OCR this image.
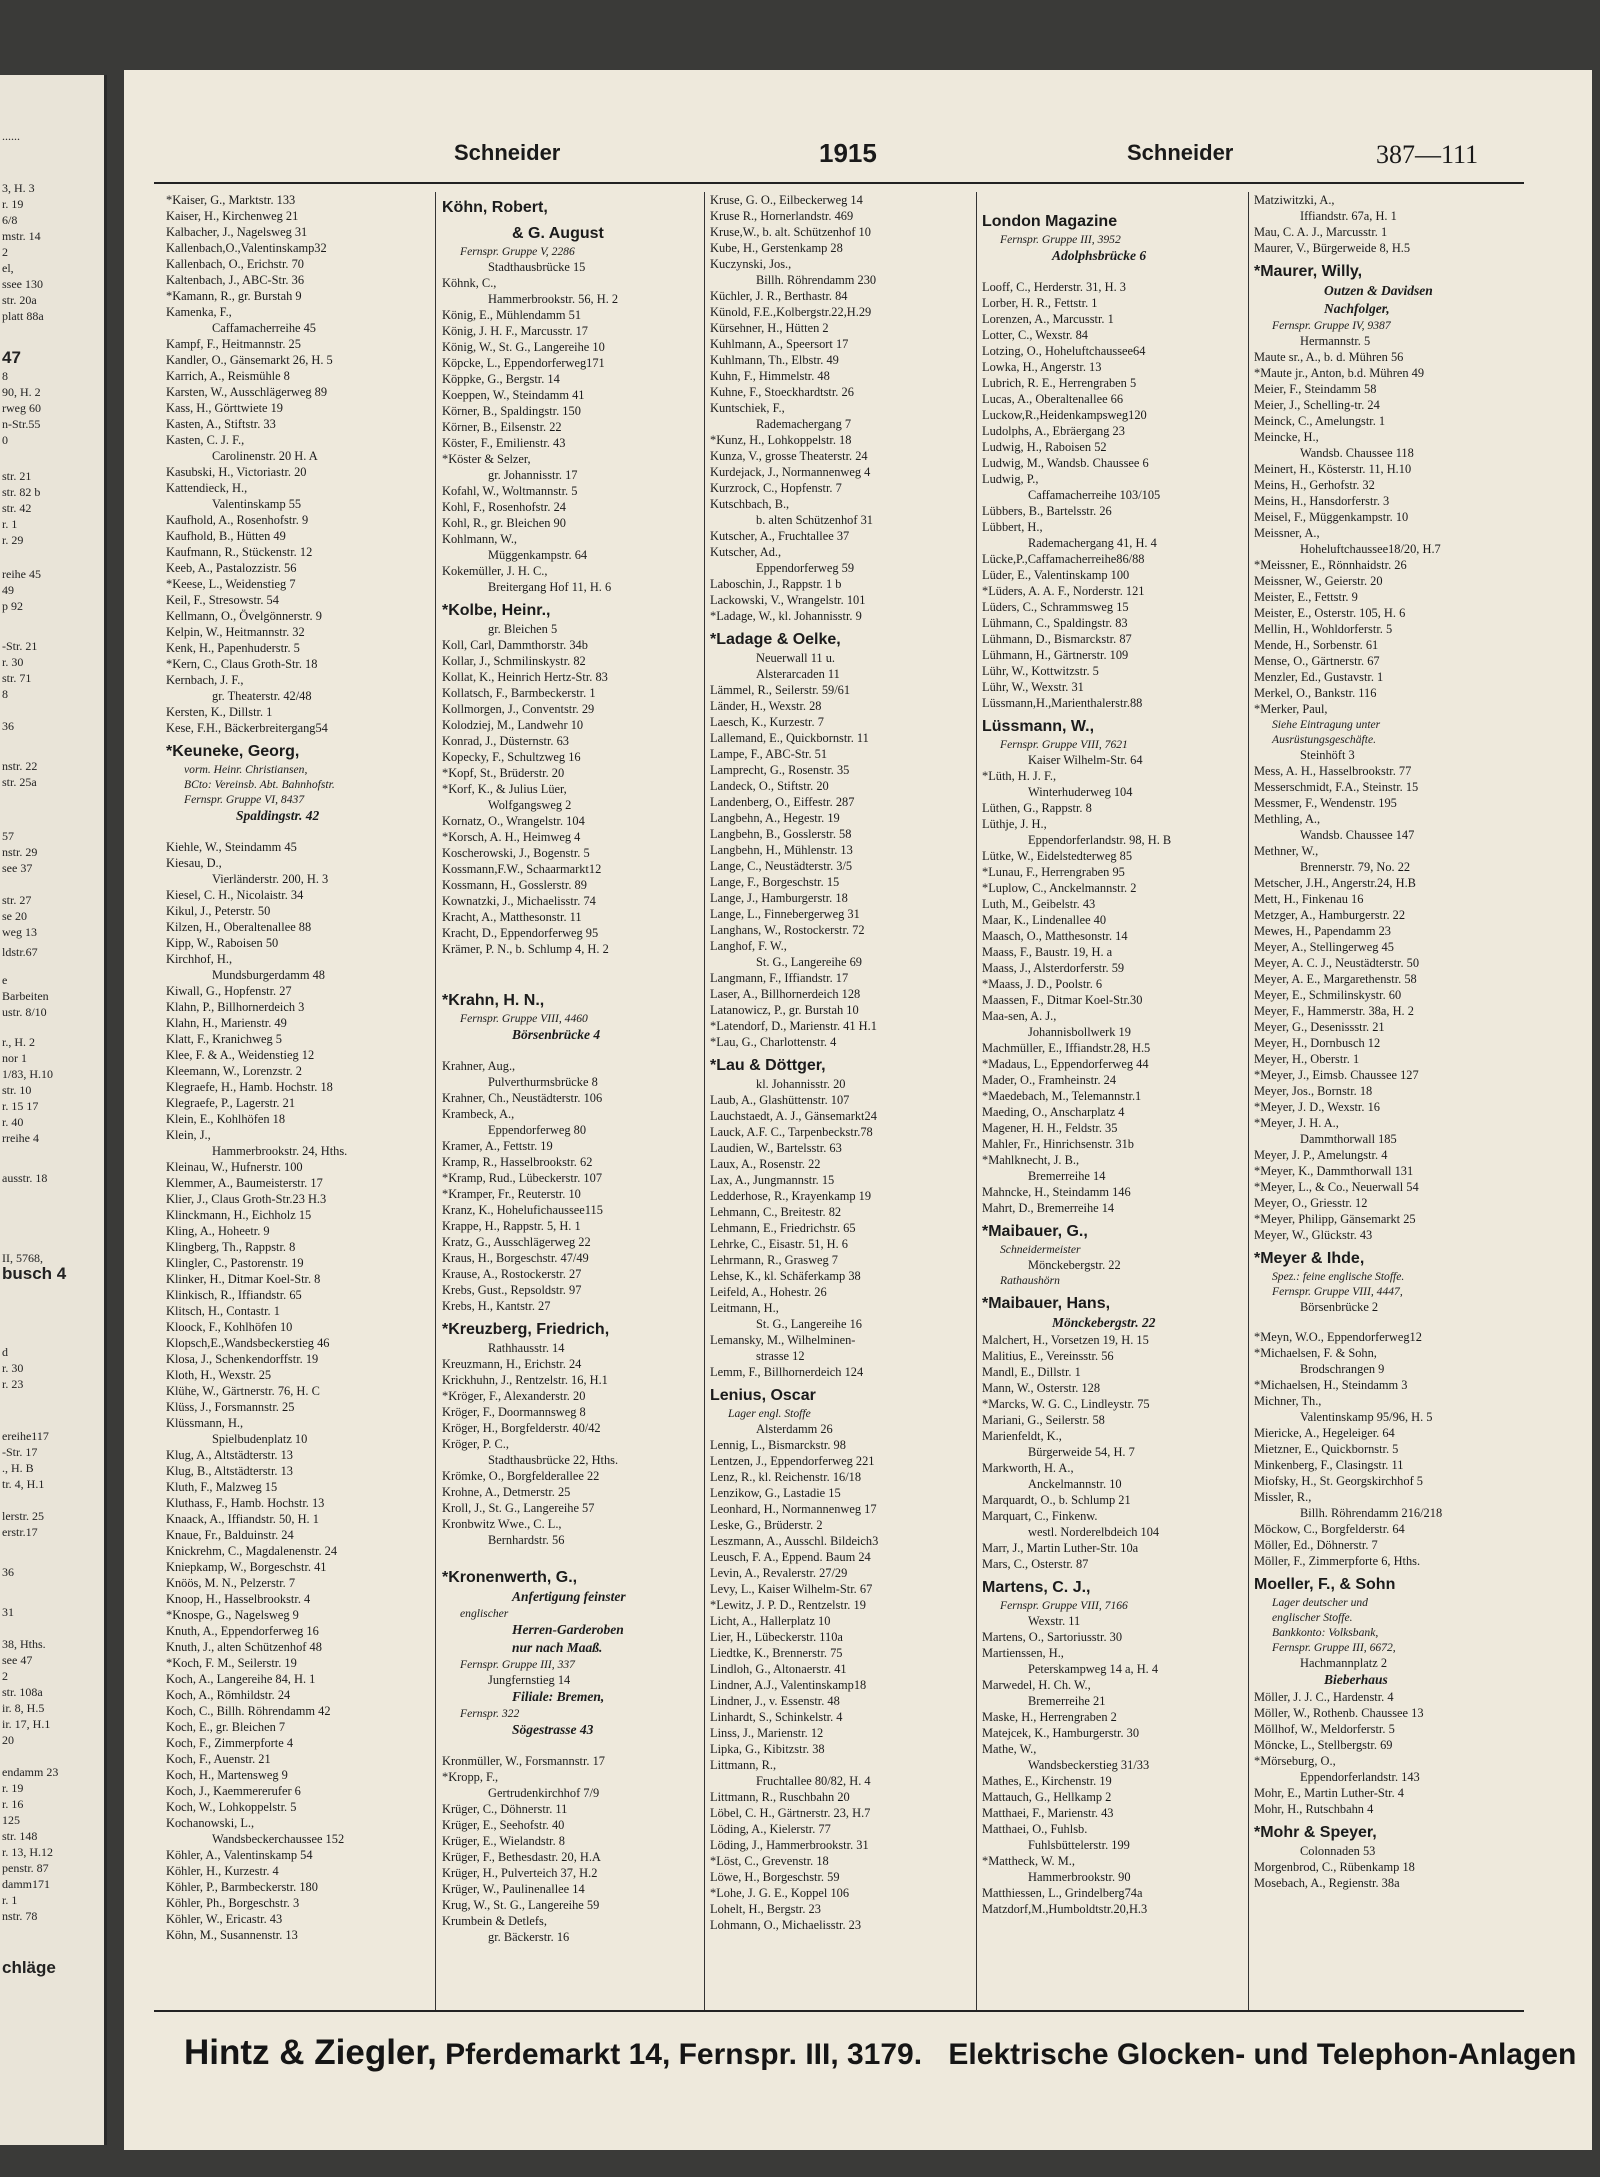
......
3, H. 3
r. 19
6/8
mstr. 14
2
el,
ssee 130
str. 20a
platt 88a
47
8
90, H. 2
rweg 60
n-Str.55
0
str. 21
str. 82 b
str. 42
r. 1
r. 29
reihe 45
49
p 92
-Str. 21
r. 30
str. 71
8
36
nstr. 22
str. 25a
57
nstr. 29
see 37
str. 27
se 20
weg 13
ldstr.67
e
Barbeiten
ustr. 8/10
r., H. 2
nor 1
1/83, H.10
str. 10
r. 15 17
r. 40
rreihe 4
ausstr. 18
II, 5768,
busch 4
d
r. 30
r. 23
ereihe117
-Str. 17
., H. B
tr. 4, H.1
lerstr. 25
erstr.17
36
31
38, Hths.
see 47
2
str. 108a
ir. 8, H.5
ir. 17, H.1
20
endamm 23
r. 19
r. 16
125
str. 148
r. 13, H.12
penstr. 87
damm171
r. 1
nstr. 78
chläge
Schneider	1915	Schneider	387—111
*Kaiser, G., Marktstr. 133
Kaiser, H., Kirchenweg 21
Kalbacher, J., Nagelsweg 31
Kallenbach,O.,Valentinskamp32
Kallenbach, O., Erichstr. 70
Kaltenbach, J., ABC-Str. 36
*Kamann, R., gr. Burstah 9
Kamenka, F.,
Caffamacherreihe 45
Kampf, F., Heitmannstr. 25
Kandler, O., Gänsemarkt 26, H. 5
Karrich, A., Reismühle 8
Karsten, W., Ausschlägerweg 89
Kass, H., Görttwiete 19
Kasten, A., Stiftstr. 33
Kasten, C. J. F.,
Carolinenstr. 20 H. A
Kasubski, H., Victoriastr. 20
Kattendieck, H.,
Valentinskamp 55
Kaufhold, A., Rosenhofstr. 9
Kaufhold, B., Hütten 49
Kaufmann, R., Stückenstr. 12
Keeb, A., Pastalozzistr. 56
*Keese, L., Weidenstieg 7
Keil, F., Stresowstr. 54
Kellmann, O., Övelgönnerstr. 9
Kelpin, W., Heitmannstr. 32
Kenk, H., Papenhuderstr. 5
*Kern, C., Claus Groth-Str. 18
Kernbach, J. F.,
gr. Theaterstr. 42/48
Kersten, K., Dillstr. 1
Kese, F.H., Bäckerbreitergang54
*Keuneke, Georg,
vorm. Heinr. Christiansen,
BCto: Vereinsb. Abt. Bahnhofstr.
Fernspr. Gruppe VI, 8437
Spaldingstr. 42
Kiehle, W., Steindamm 45
Kiesau, D.,
Vierländerstr. 200, H. 3
Kiesel, C. H., Nicolaistr. 34
Kikul, J., Peterstr. 50
Kilzen, H., Oberaltenallee 88
Kipp, W., Raboisen 50
Kirchhof, H.,
Mundsburgerdamm 48
Kiwall, G., Hopfenstr. 27
Klahn, P., Billhornerdeich 3
Klahn, H., Marienstr. 49
Klatt, F., Kranichweg 5
Klee, F. & A., Weidenstieg 12
Kleemann, W., Lorenzstr. 2
Klegraefe, H., Hamb. Hochstr. 18
Klegraefe, P., Lagerstr. 21
Klein, E., Kohlhöfen 18
Klein, J.,
Hammerbrookstr. 24, Hths.
Kleinau, W., Hufnerstr. 100
Klemmer, A., Baumeisterstr. 17
Klier, J., Claus Groth-Str.23 H.3
Klinckmann, H., Eichholz 15
Kling, A., Hoheetr. 9
Klingberg, Th., Rappstr. 8
Klingler, C., Pastorenstr. 19
Klinker, H., Ditmar Koel-Str. 8
Klinkisch, R., Iffiandstr. 65
Klitsch, H., Contastr. 1
Kloock, F., Kohlhöfen 10
Klopsch,E.,Wandsbeckerstieg 46
Klosa, J., Schenkendorffstr. 19
Kloth, H., Wexstr. 25
Klühe, W., Gärtnerstr. 76, H. C
Klüss, J., Forsmannstr. 25
Klüssmann, H.,
Spielbudenplatz 10
Klug, A., Altstädterstr. 13
Klug, B., Altstädterstr. 13
Kluth, F., Malzweg 15
Kluthass, F., Hamb. Hochstr. 13
Knaack, A., Iffiandstr. 50, H. 1
Knaue, Fr., Balduinstr. 24
Knickrehm, C., Magdalenenstr. 24
Kniepkamp, W., Borgeschstr. 41
Knöös, M. N., Pelzerstr. 7
Knoop, H., Hasselbrookstr. 4
*Knospe, G., Nagelsweg 9
Knuth, A., Eppendorferweg 16
Knuth, J., alten Schützenhof 48
*Koch, F. M., Seilerstr. 19
Koch, A., Langereihe 84, H. 1
Koch, A., Römhildstr. 24
Koch, C., Billh. Röhrendamm 42
Koch, E., gr. Bleichen 7
Koch, F., Zimmerpforte 4
Koch, F., Auenstr. 21
Koch, H., Martensweg 9
Koch, J., Kaemmererufer 6
Koch, W., Lohkoppelstr. 5
Kochanowski, L.,
Wandsbeckerchaussee 152
Köhler, A., Valentinskamp 54
Köhler, H., Kurzestr. 4
Köhler, P., Barmbeckerstr. 180
Köhler, Ph., Borgeschstr. 3
Köhler, W., Ericastr. 43
Köhn, M., Susannenstr. 13
Köhn, Robert,
& G. August
Fernspr. Gruppe V, 2286
Stadthausbrücke 15
Köhnk, C.,
Hammerbrookstr. 56, H. 2
König, E., Mühlendamm 51
König, J. H. F., Marcusstr. 17
König, W., St. G., Langereihe 10
Köpcke, L., Eppendorferweg171
Köppke, G., Bergstr. 14
Koeppen, W., Steindamm 41
Körner, B., Spaldingstr. 150
Körner, B., Eilsenstr. 22
Köster, F., Emilienstr. 43
*Köster & Selzer,
gr. Johannisstr. 17
Kofahl, W., Woltmannstr. 5
Kohl, F., Rosenhofstr. 24
Kohl, R., gr. Bleichen 90
Kohlmann, W.,
Müggenkampstr. 64
Kokemüller, J. H. C.,
Breitergang Hof 11, H. 6
*Kolbe, Heinr.,
gr. Bleichen 5
Koll, Carl, Dammthorstr. 34b
Kollar, J., Schmilinskystr. 82
Kollat, K., Heinrich Hertz-Str. 83
Kollatsch, F., Barmbeckerstr. 1
Kollmorgen, J., Conventstr. 29
Kolodziej, M., Landwehr 10
Konrad, J., Düsternstr. 63
Kopecky, F., Schultzweg 16
*Kopf, St., Brüderstr. 20
*Korf, K., & Julius Lüer,
Wolfgangsweg 2
Kornatz, O., Wrangelstr. 104
*Korsch, A. H., Heimweg 4
Koscherowski, J., Bogenstr. 5
Kossmann,F.W., Schaarmarkt12
Kossmann, H., Gosslerstr. 89
Kownatzki, J., Michaelisstr. 74
Kracht, A., Matthesonstr. 11
Kracht, D., Eppendorferweg 95
Krämer, P. N., b. Schlump 4, H. 2
*Krahn, H. N.,
Fernspr. Gruppe VIII, 4460
Börsenbrücke 4
Krahner, Aug.,
Pulverthurmsbrücke 8
Krahner, Ch., Neustädterstr. 106
Krambeck, A.,
Eppendorferweg 80
Kramer, A., Fettstr. 19
Kramp, R., Hasselbrookstr. 62
*Kramp, Rud., Lübeckerstr. 107
*Kramper, Fr., Reuterstr. 10
Kranz, K., Hohelufichaussee115
Krappe, H., Rappstr. 5, H. 1
Kratz, G., Ausschlägerweg 22
Kraus, H., Borgeschstr. 47/49
Krause, A., Rostockerstr. 27
Krebs, Gust., Repsoldstr. 97
Krebs, H., Kantstr. 27
*Kreuzberg, Friedrich,
Rathhausstr. 14
Kreuzmann, H., Erichstr. 24
Krickhuhn, J., Rentzelstr. 16, H.1
*Kröger, F., Alexanderstr. 20
Kröger, F., Doormannsweg 8
Kröger, H., Borgfelderstr. 40/42
Kröger, P. C.,
Stadthausbrücke 22, Hths.
Krömke, O., Borgfelderallee 22
Krohne, A., Detmerstr. 25
Kroll, J., St. G., Langereihe 57
Kronbwitz Wwe., C. L.,
Bernhardstr. 56
*Kronenwerth, G.,
Anfertigung feinster
englischer
Herren-Garderoben
nur nach Maaß.
Fernspr. Gruppe III, 337
Jungfernstieg 14
Filiale: Bremen,
Fernspr. 322
Sögestrasse 43
Kronmüller, W., Forsmannstr. 17
*Kropp, F.,
Gertrudenkirchhof 7/9
Krüger, C., Döhnerstr. 11
Krüger, E., Seehofstr. 40
Krüger, E., Wielandstr. 8
Krüger, F., Bethesdastr. 20, H.A
Krüger, H., Pulverteich 37, H.2
Krüger, W., Paulinenallee 14
Krug, W., St. G., Langereihe 59
Krumbein & Detlefs,
gr. Bäckerstr. 16
Kruse, G. O., Eilbeckerweg 14
Kruse R., Hornerlandstr. 469
Kruse,W., b. alt. Schützenhof 10
Kube, H., Gerstenkamp 28
Kuczynski, Jos.,
Billh. Röhrendamm 230
Küchler, J. R., Berthastr. 84
Künold, F.E.,Kolbergstr.22,H.29
Kürsehner, H., Hütten 2
Kuhlmann, A., Speersort 17
Kuhlmann, Th., Elbstr. 49
Kuhn, F., Himmelstr. 48
Kuhne, F., Stoeckhardtstr. 26
Kuntschiek, F.,
Rademachergang 7
*Kunz, H., Lohkoppelstr. 18
Kunza, V., grosse Theaterstr. 24
Kurdejack, J., Normannenweg 4
Kurzrock, C., Hopfenstr. 7
Kutschbach, B.,
b. alten Schützenhof 31
Kutscher, A., Fruchtallee 37
Kutscher, Ad.,
Eppendorferweg 59
Laboschin, J., Rappstr. 1 b
Lackowski, V., Wrangelstr. 101
*Ladage, W., kl. Johannisstr. 9
*Ladage & Oelke,
Neuerwall 11 u.
Alsterarcaden 11
Lämmel, R., Seilerstr. 59/61
Länder, H., Wexstr. 28
Laesch, K., Kurzestr. 7
Lallemand, E., Quickbornstr. 11
Lampe, F., ABC-Str. 51
Lamprecht, G., Rosenstr. 35
Landeck, O., Stiftstr. 20
Landenberg, O., Eiffestr. 287
Langbehn, A., Hegestr. 19
Langbehn, B., Gosslerstr. 58
Langbehn, H., Mühlenstr. 13
Lange, C., Neustädterstr. 3/5
Lange, F., Borgeschstr. 15
Lange, J., Hamburgerstr. 18
Lange, L., Finnebergerweg 31
Langhans, W., Rostockerstr. 72
Langhof, F. W.,
St. G., Langereihe 69
Langmann, F., Iffiandstr. 17
Laser, A., Billhornerdeich 128
Latanowicz, P., gr. Burstah 10
*Latendorf, D., Marienstr. 41 H.1
*Lau, G., Charlottenstr. 4
*Lau & Döttger,
kl. Johannisstr. 20
Laub, A., Glashüttenstr. 107
Lauchstaedt, A. J., Gänsemarkt24
Lauck, A.F. C., Tarpenbeckstr.78
Laudien, W., Bartelsstr. 63
Laux, A., Rosenstr. 22
Lax, A., Jungmannstr. 15
Ledderhose, R., Krayenkamp 19
Lehmann, C., Breitestr. 82
Lehmann, E., Friedrichstr. 65
Lehrke, C., Eisastr. 51, H. 6
Lehrmann, R., Grasweg 7
Lehse, K., kl. Schäferkamp 38
Leifeld, A., Hohestr. 26
Leitmann, H.,
St. G., Langereihe 16
Lemansky, M., Wilhelminen-
strasse 12
Lemm, F., Billhornerdeich 124
Lenius, Oscar
Lager engl. Stoffe
Alsterdamm 26
Lennig, L., Bismarckstr. 98
Lentzen, J., Eppendorferweg 221
Lenz, R., kl. Reichenstr. 16/18
Lenzikow, G., Lastadie 15
Leonhard, H., Normannenweg 17
Leske, G., Brüderstr. 2
Leszmann, A., Ausschl. Bildeich3
Leusch, F. A., Eppend. Baum 24
Levin, A., Revalerstr. 27/29
Levy, L., Kaiser Wilhelm-Str. 67
*Lewitz, J. P. D., Rentzelstr. 19
Licht, A., Hallerplatz 10
Lier, H., Lübeckerstr. 110a
Liedtke, K., Brennerstr. 75
Lindloh, G., Altonaerstr. 41
Lindner, A.J., Valentinskamp18
Lindner, J., v. Essenstr. 48
Linhardt, S., Schinkelstr. 4
Linss, J., Marienstr. 12
Lipka, G., Kibitzstr. 38
Littmann, R.,
Fruchtallee 80/82, H. 4
Littmann, R., Ruschbahn 20
Löbel, C. H., Gärtnerstr. 23, H.7
Löding, A., Kielerstr. 77
Löding, J., Hammerbrookstr. 31
*Löst, C., Grevenstr. 18
Löwe, H., Borgeschstr. 59
*Lohe, J. G. E., Koppel 106
Lohelt, H., Bergstr. 23
Lohmann, O., Michaelisstr. 23
London Magazine
Fernspr. Gruppe III, 3952
Adolphsbrücke 6
Looff, C., Herderstr. 31, H. 3
Lorber, H. R., Fettstr. 1
Lorenzen, A., Marcusstr. 1
Lotter, C., Wexstr. 84
Lotzing, O., Hoheluftchaussee64
Lowka, H., Angerstr. 13
Lubrich, R. E., Herrengraben 5
Lucas, A., Oberaltenallee 66
Luckow,R.,Heidenkampsweg120
Ludolphs, A., Ebräergang 23
Ludwig, H., Raboisen 52
Ludwig, M., Wandsb. Chaussee 6
Ludwig, P.,
Caffamacherreihe 103/105
Lübbers, B., Bartelsstr. 26
Lübbert, H.,
Rademachergang 41, H. 4
Lücke,P.,Caffamacherreihe86/88
Lüder, E., Valentinskamp 100
*Lüders, A. A. F., Norderstr. 121
Lüders, C., Schrammsweg 15
Lühmann, C., Spaldingstr. 83
Lühmann, D., Bismarckstr. 87
Lühmann, H., Gärtnerstr. 109
Lühr, W., Kottwitzstr. 5
Lühr, W., Wexstr. 31
Lüssmann,H.,Marienthalerstr.88
Lüssmann, W.,
Fernspr. Gruppe VIII, 7621
Kaiser Wilhelm-Str. 64
*Lüth, H. J. F.,
Winterhuderweg 104
Lüthen, G., Rappstr. 8
Lüthje, J. H.,
Eppendorferlandstr. 98, H. B
Lütke, W., Eidelstedterweg 85
*Lunau, F., Herrengraben 95
*Luplow, C., Anckelmannstr. 2
Luth, M., Geibelstr. 43
Maar, K., Lindenallee 40
Maasch, O., Matthesonstr. 14
Maass, F., Baustr. 19, H. a
Maass, J., Alsterdorferstr. 59
*Maass, J. D., Poolstr. 6
Maassen, F., Ditmar Koel-Str.30
Maa-sen, A. J.,
Johannisbollwerk 19
Machmüller, E., Iffiandstr.28, H.5
*Madaus, L., Eppendorferweg 44
Mader, O., Framheinstr. 24
*Maedebach, M., Telemannstr.1
Maeding, O., Anscharplatz 4
Magener, H. H., Feldstr. 35
Mahler, Fr., Hinrichsenstr. 31b
*Mahlknecht, J. B.,
Bremerreihe 14
Mahncke, H., Steindamm 146
Mahrt, D., Bremerreihe 14
*Maibauer, G.,
Schneidermeister
Mönckebergstr. 22
Rathaushörn
*Maibauer, Hans,
Mönckebergstr. 22
Malchert, H., Vorsetzen 19, H. 15
Malitius, E., Vereinsstr. 56
Mandl, E., Dillstr. 1
Mann, W., Osterstr. 128
*Marcks, W. G. C., Lindleystr. 75
Mariani, G., Seilerstr. 58
Marienfeldt, K.,
Bürgerweide 54, H. 7
Markworth, H. A.,
Anckelmannstr. 10
Marquardt, O., b. Schlump 21
Marquart, C., Finkenw.
westl. Norderelbdeich 104
Marr, J., Martin Luther-Str. 10a
Mars, C., Osterstr. 87
Martens, C. J.,
Fernspr. Gruppe VIII, 7166
Wexstr. 11
Martens, O., Sartoriusstr. 30
Martienssen, H.,
Peterskampweg 14 a, H. 4
Marwedel, H. Ch. W.,
Bremerreihe 21
Maske, H., Herrengraben 2
Matejcek, K., Hamburgerstr. 30
Mathe, W.,
Wandsbeckerstieg 31/33
Mathes, E., Kirchenstr. 19
Mattauch, G., Hellkamp 2
Matthaei, F., Marienstr. 43
Matthaei, O., Fuhlsb.
Fuhlsbüttelerstr. 199
*Mattheck, W. M.,
Hammerbrookstr. 90
Matthiessen, L., Grindelberg74a
Matzdorf,M.,Humboldtstr.20,H.3
Matziwitzki, A.,
Iffiandstr. 67a, H. 1
Mau, C. A. J., Marcusstr. 1
Maurer, V., Bürgerweide 8, H.5
*Maurer, Willy,
Outzen & Davidsen
Nachfolger,
Fernspr. Gruppe IV, 9387
Hermannstr. 5
Maute sr., A., b. d. Mühren 56
*Maute jr., Anton, b.d. Mühren 49
Meier, F., Steindamm 58
Meier, J., Schelling-tr. 24
Meinck, C., Amelungstr. 1
Meincke, H.,
Wandsb. Chaussee 118
Meinert, H., Kösterstr. 11, H.10
Meins, H., Gerhofstr. 32
Meins, H., Hansdorferstr. 3
Meisel, F., Müggenkampstr. 10
Meissner, A.,
Hoheluftchaussee18/20, H.7
*Meissner, E., Rönnhaidstr. 26
Meissner, W., Geierstr. 20
Meister, E., Fettstr. 9
Meister, E., Osterstr. 105, H. 6
Mellin, H., Wohldorferstr. 5
Mende, H., Sorbenstr. 61
Mense, O., Gärtnerstr. 67
Menzler, Ed., Gustavstr. 1
Merkel, O., Bankstr. 116
*Merker, Paul,
Siehe Eintragung unter
Ausrüstungsgeschäfte.
Steinhöft 3
Mess, A. H., Hasselbrookstr. 77
Messerschmidt, F.A., Steinstr. 15
Messmer, F., Wendenstr. 195
Methling, A.,
Wandsb. Chaussee 147
Methner, W.,
Brennerstr. 79, No. 22
Metscher, J.H., Angerstr.24, H.B
Mett, H., Finkenau 16
Metzger, A., Hamburgerstr. 22
Mewes, H., Papendamm 23
Meyer, A., Stellingerweg 45
Meyer, A. C. J., Neustädterstr. 50
Meyer, A. E., Margarethenstr. 58
Meyer, E., Schmilinskystr. 60
Meyer, F., Hammerstr. 38a, H. 2
Meyer, G., Desenissstr. 21
Meyer, H., Dornbusch 12
Meyer, H., Oberstr. 1
*Meyer, J., Eimsb. Chaussee 127
Meyer, Jos., Bornstr. 18
*Meyer, J. D., Wexstr. 16
*Meyer, J. H. A.,
Dammthorwall 185
Meyer, J. P., Amelungstr. 4
*Meyer, K., Dammthorwall 131
*Meyer, L., & Co., Neuerwall 54
Meyer, O., Griesstr. 12
*Meyer, Philipp, Gänsemarkt 25
Meyer, W., Glückstr. 43
*Meyer & Ihde,
Spez.: feine englische Stoffe.
Fernspr. Gruppe VIII, 4447,
Börsenbrücke 2
*Meyn, W.O., Eppendorferweg12
*Michaelsen, F. & Sohn,
Brodschrangen 9
*Michaelsen, H., Steindamm 3
Michner, Th.,
Valentinskamp 95/96, H. 5
Miericke, A., Hegeleiger. 64
Mietzner, E., Quickbornstr. 5
Minkenberg, F., Clasingstr. 11
Miofsky, H., St. Georgskirchhof 5
Missler, R.,
Billh. Röhrendamm 216/218
Möckow, C., Borgfelderstr. 64
Möller, Ed., Döhnerstr. 7
Möller, F., Zimmerpforte 6, Hths.
Moeller, F., & Sohn
Lager deutscher und
englischer Stoffe.
Bankkonto: Volksbank,
Fernspr. Gruppe III, 6672,
Hachmannplatz 2
Bieberhaus
Möller, J. J. C., Hardenstr. 4
Möller, W., Rothenb. Chaussee 13
Möllhof, W., Meldorferstr. 5
Möncke, L., Stellbergstr. 69
*Mörseburg, O.,
Eppendorferlandstr. 143
Mohr, E., Martin Luther-Str. 4
Mohr, H., Rutschbahn 4
*Mohr & Speyer,
Colonnaden 53
Morgenbrod, C., Rübenkamp 18
Mosebach, A., Regienstr. 38a
Hintz & Ziegler, Pferdemarkt 14, Fernspr. III, 3179. Elektrische Glocken- und Telephon-Anlagen
